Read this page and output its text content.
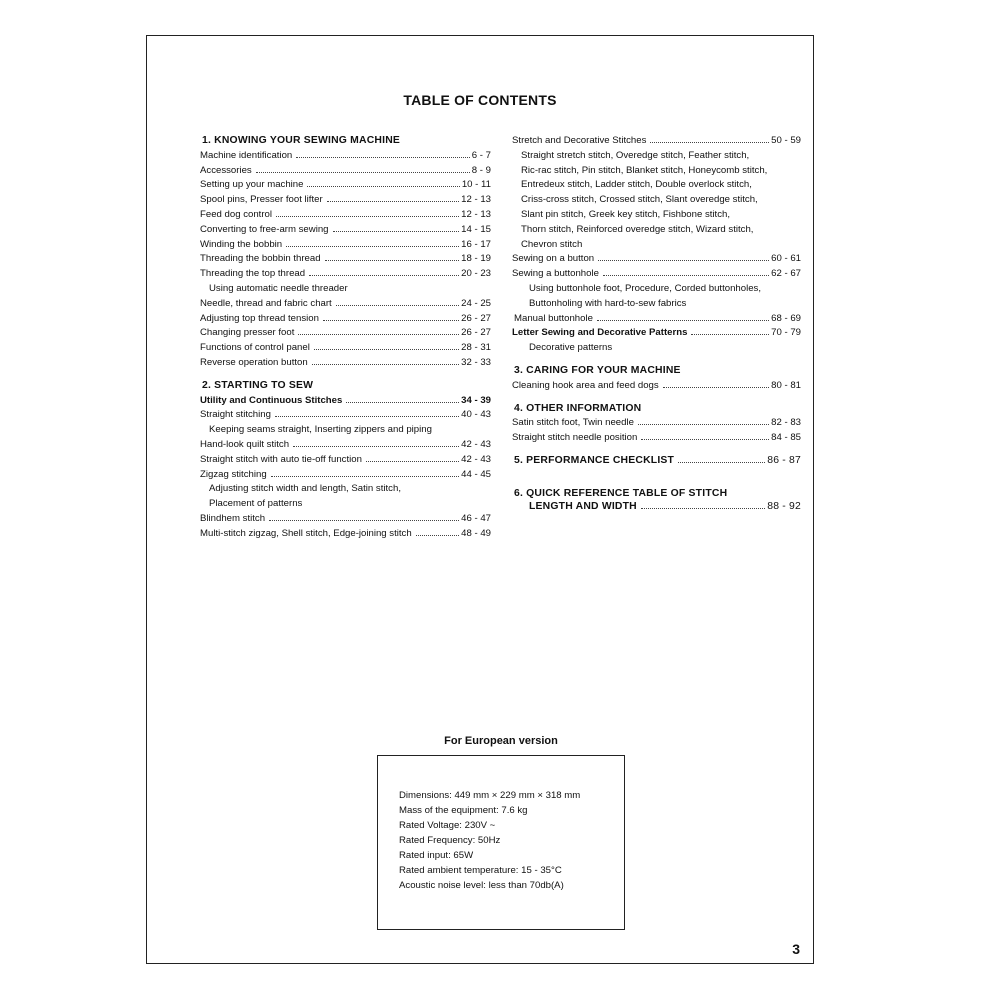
TABLE OF CONTENTS
1. KNOWING YOUR SEWING MACHINE
Machine identification	6 - 7
Accessories	8 - 9
Setting up your machine	10 - 11
Spool pins, Presser foot lifter	12 - 13
Feed dog control	12 - 13
Converting to free-arm sewing	14 - 15
Winding the bobbin	16 - 17
Threading the bobbin thread	18 - 19
Threading the top thread	20 - 23
Using automatic needle threader
Needle, thread and fabric chart	24 - 25
Adjusting top thread tension	26 - 27
Changing presser foot	26 - 27
Functions of control panel	28 - 31
Reverse operation button	32 - 33
2. STARTING TO SEW
Utility and Continuous Stitches	34 - 39
Straight stitching	40 - 43
Keeping seams straight, Inserting zippers and piping
Hand-look quilt stitch	42 - 43
Straight stitch with auto tie-off function	42 - 43
Zigzag stitching	44 - 45
Adjusting stitch width and length, Satin stitch,
Placement of patterns
Blindhem stitch	46 - 47
Multi-stitch zigzag, Shell stitch, Edge-joining stitch	48 - 49
Stretch and Decorative Stitches	50 - 59
Straight stretch stitch, Overedge stitch, Feather stitch,
Ric-rac stitch, Pin stitch, Blanket stitch, Honeycomb stitch,
Entredeux stitch, Ladder stitch, Double overlock stitch,
Criss-cross stitch, Crossed stitch, Slant overedge stitch,
Slant pin stitch, Greek key stitch, Fishbone stitch,
Thorn stitch, Reinforced overedge stitch, Wizard stitch,
Chevron stitch
Sewing on a button	60 - 61
Sewing a buttonhole	62 - 67
Using buttonhole foot, Procedure, Corded buttonholes,
Buttonholing with hard-to-sew fabrics
Manual buttonhole	68 - 69
Letter Sewing and Decorative Patterns	70 - 79
Decorative patterns
3. CARING FOR YOUR MACHINE
Cleaning hook area and feed dogs	80 - 81
4. OTHER INFORMATION
Satin stitch foot, Twin needle	82 - 83
Straight stitch needle position	84 - 85
5. PERFORMANCE CHECKLIST	86 - 87
6. QUICK REFERENCE TABLE OF STITCH
LENGTH AND WIDTH	88 - 92
For European version
Dimensions: 449 mm × 229 mm × 318 mm
Mass of the equipment: 7.6 kg
Rated Voltage: 230V ~
Rated Frequency: 50Hz
Rated input: 65W
Rated ambient temperature: 15 - 35°C
Acoustic noise level: less than 70db(A)
3
